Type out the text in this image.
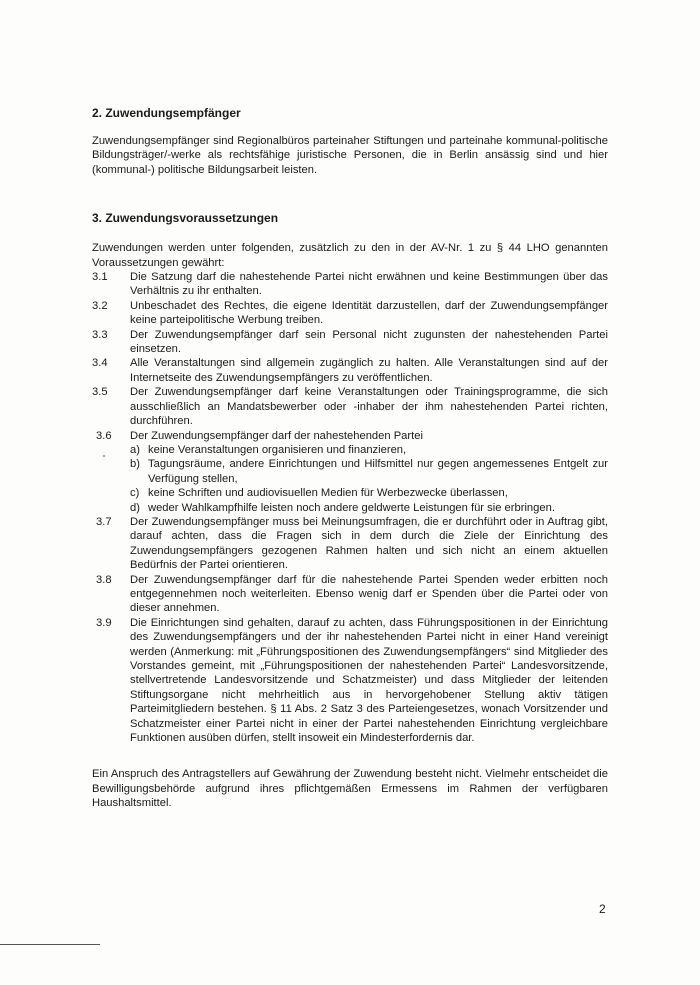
2. Zuwendungsempfänger

Zuwendungsempfänger sind Regionalbüros parteinaher Stiftungen und parteinahe kommunal-politische Bildungsträger/-werke als rechtsfähige juristische Personen, die in Berlin ansässig sind und hier (kommunal-) politische Bildungsarbeit leisten.

3. Zuwendungsvoraussetzungen

Zuwendungen werden unter folgenden, zusätzlich zu den in der AV-Nr. 1 zu § 44 LHO genannten Voraussetzungen gewährt:

3.1	Die Satzung darf die nahestehende Partei nicht erwähnen und keine Bestimmungen über das Verhältnis zu ihr enthalten.
3.2	Unbeschadet des Rechtes, die eigene Identität darzustellen, darf der Zuwendungsempfänger keine parteipolitische Werbung treiben.
3.3	Der Zuwendungsempfänger darf sein Personal nicht zugunsten der nahestehenden Partei einsetzen.
3.4	Alle Veranstaltungen sind allgemein zugänglich zu halten. Alle Veranstaltungen sind auf der Internetseite des Zuwendungsempfängers zu veröffentlichen.
3.5	Der Zuwendungsempfänger darf keine Veranstaltungen oder Trainingsprogramme, die sich ausschließlich an Mandatsbewerber oder -inhaber der ihm nahestehenden Partei richten, durchführen.
3.6	Der Zuwendungsempfänger darf der nahestehenden Partei
a) keine Veranstaltungen organisieren und finanzieren,
b) Tagungsräume, andere Einrichtungen und Hilfsmittel nur gegen angemessenes Entgelt zur Verfügung stellen,
c) keine Schriften und audiovisuellen Medien für Werbezwecke überlassen,
d) weder Wahlkampfhilfe leisten noch andere geldwerte Leistungen für sie erbringen.
3.7	Der Zuwendungsempfänger muss bei Meinungsumfragen, die er durchführt oder in Auftrag gibt, darauf achten, dass die Fragen sich in dem durch die Ziele der Einrichtung des Zuwendungsempfängers gezogenen Rahmen halten und sich nicht an einem aktuellen Bedürfnis der Partei orientieren.
3.8	Der Zuwendungsempfänger darf für die nahestehende Partei Spenden weder erbitten noch entgegennehmen noch weiterleiten. Ebenso wenig darf er Spenden über die Partei oder von dieser annehmen.
3.9	Die Einrichtungen sind gehalten, darauf zu achten, dass Führungspositionen in der Einrichtung des Zuwendungsempfängers und der ihr nahestehenden Partei nicht in einer Hand vereinigt werden (Anmerkung: mit „Führungspositionen des Zuwendungsempfängers“ sind Mitglieder des Vorstandes gemeint, mit „Führungspositionen der nahestehenden Partei“ Landesvorsitzende, stellvertretende Landesvorsitzende und Schatzmeister) und dass Mitglieder der leitenden Stiftungsorgane nicht mehrheitlich aus in hervorgehobener Stellung aktiv tätigen Parteimitgliedern bestehen. § 11 Abs. 2 Satz 3 des Parteiengesetzes, wonach Vorsitzender und Schatzmeister einer Partei nicht in einer der Partei nahestehenden Einrichtung vergleichbare Funktionen ausüben dürfen, stellt insoweit ein Mindesterfordernis dar.

Ein Anspruch des Antragstellers auf Gewährung der Zuwendung besteht nicht. Vielmehr entscheidet die Bewilligungsbehörde aufgrund ihres pflichtgemäßen Ermessens im Rahmen der verfügbaren Haushaltsmittel.

2
